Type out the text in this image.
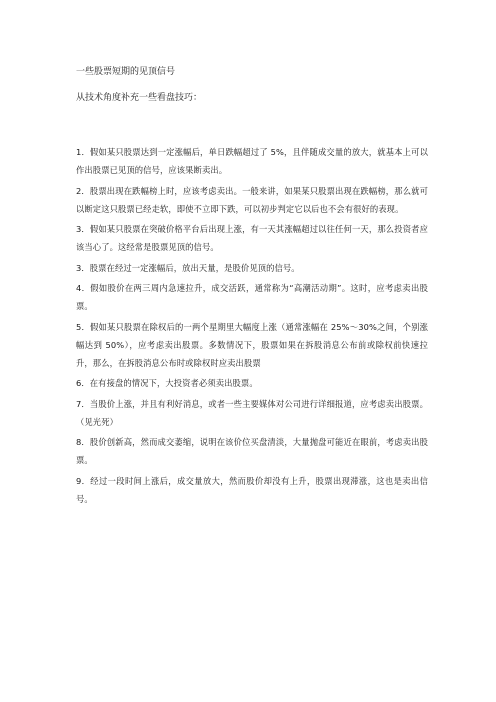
一些股票短期的见顶信号
从技术角度补充一些看盘技巧：

1．假如某只股票达到一定涨幅后，单日跌幅超过了 5%，且伴随成交量的放大，就基本上可以作出股票已见顶的信号，应该果断卖出。

2．股票出现在跌幅榜上时，应该考虑卖出。一般来讲，如果某只股票出现在跌幅榜，那么就可以断定这只股票已经走软，即使不立即下跌，可以初步判定它以后也不会有很好的表现。

3．假如某只股票在突破价格平台后出现上涨，有一天其涨幅超过以往任何一天，那么投资者应该当心了。这经常是股票见顶的信号。

3．股票在经过一定涨幅后，放出天量，是股价见顶的信号。

4．假如股价在两三周内急速拉升，成交活跃，通常称为“高潮活动期”。这时，应考虑卖出股票。

5．假如某只股票在除权后的一两个星期里大幅度上涨（通常涨幅在 25%～30%之间，个别涨幅达到 50%），应考虑卖出股票。多数情况下，股票如果在拆股消息公布前或除权前快速拉升，那么，在拆股消息公布时或除权时应卖出股票

6．在有接盘的情况下，大投资者必须卖出股票。

7．当股价上涨，并且有利好消息，或者一些主要媒体对公司进行详细报道，应考虑卖出股票。（见光死）

8．股价创新高，然而成交萎缩，说明在该价位买盘清淡，大量抛盘可能近在眼前，考虑卖出股票。

9．经过一段时间上涨后，成交量放大，然而股价却没有上升，股票出现滞涨，这也是卖出信号。
